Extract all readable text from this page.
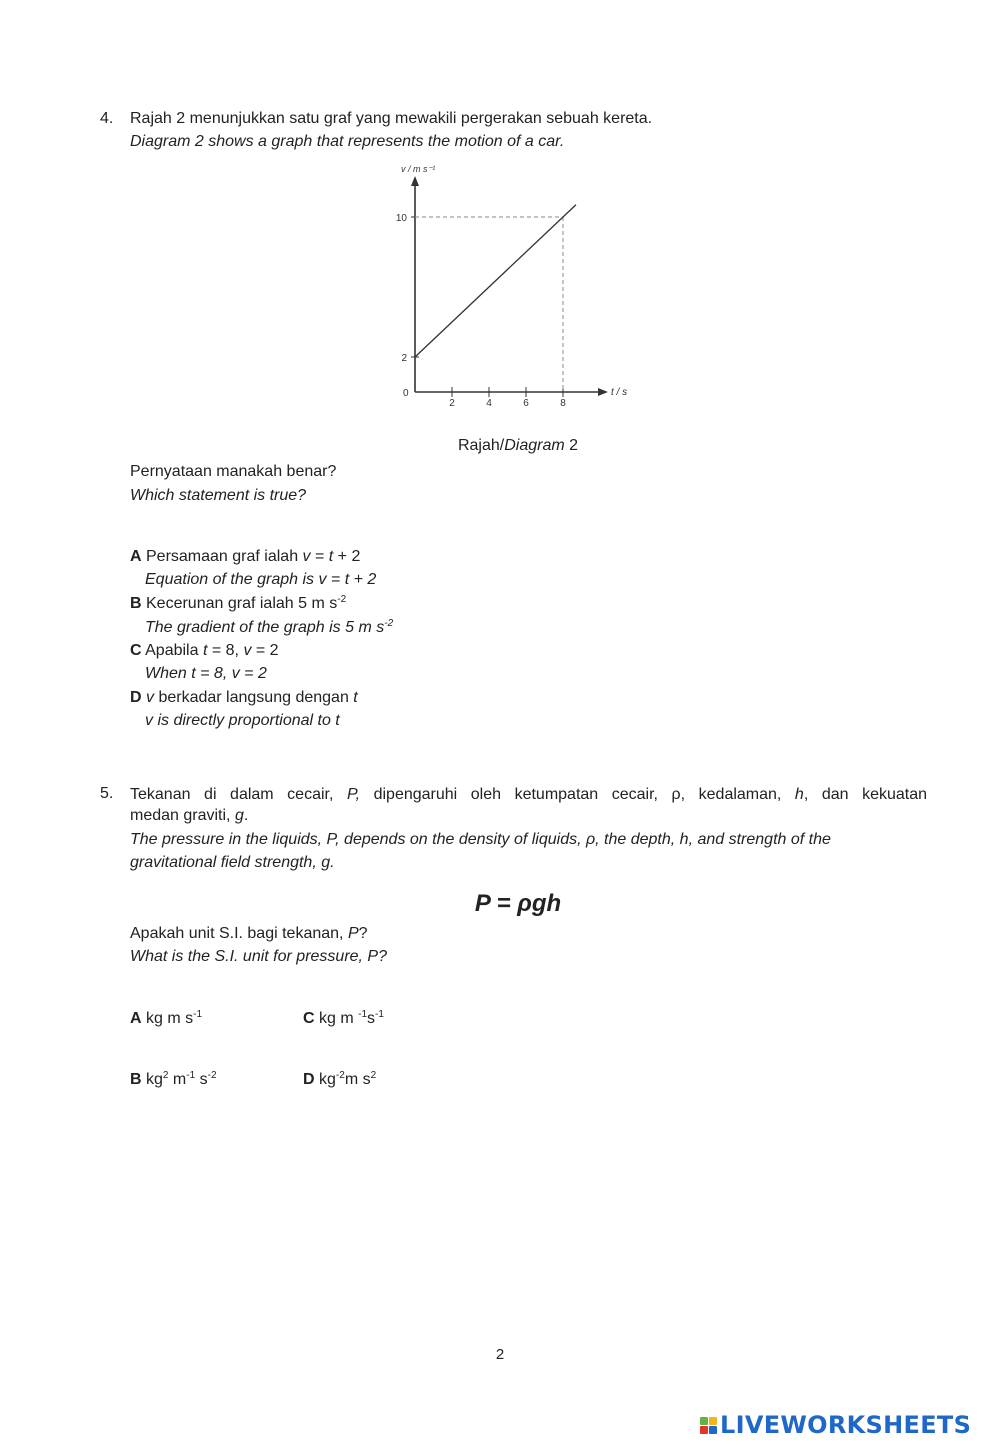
4. Rajah 2 menunjukkan satu graf yang mewakili pergerakan sebuah kereta.
Diagram 2 shows a graph that represents the motion of a car.
v / m s⁻¹
t / s
0
2	4	6	8
2
10
Rajah/Diagram 2
Pernyataan manakah benar?
Which statement is true?
A Persamaan graf ialah v = t + 2
Equation of the graph is v = t + 2
B Kecerunan graf ialah 5 m $s^{-2}$
The gradient of the graph is 5 m $s^{-2}$
C Apabila t = 8, v = 2
When t = 8, v = 2
D v berkadar langsung dengan t
v is directly proportional to t
5. Tekanan di dalam cecair, P, dipengaruhi oleh ketumpatan cecair, ρ, kedalaman, h, dan kekuatan
medan graviti, g.
The pressure in the liquids, P, depends on the density of liquids, ρ, the depth, h, and strength of the
gravitational field strength, g.
P = ρgh
Apakah unit S.I. bagi tekanan, P?
What is the S.I. unit for pressure, P?
A kg m $s^{-1}$	C kg m $^{-1}s^{-1}$
B $kg^2$ $m^{-1}$ $s^{-2}$	D $kg^{-2}m$ $s^2$
2
LIVEWORKSHEETS
